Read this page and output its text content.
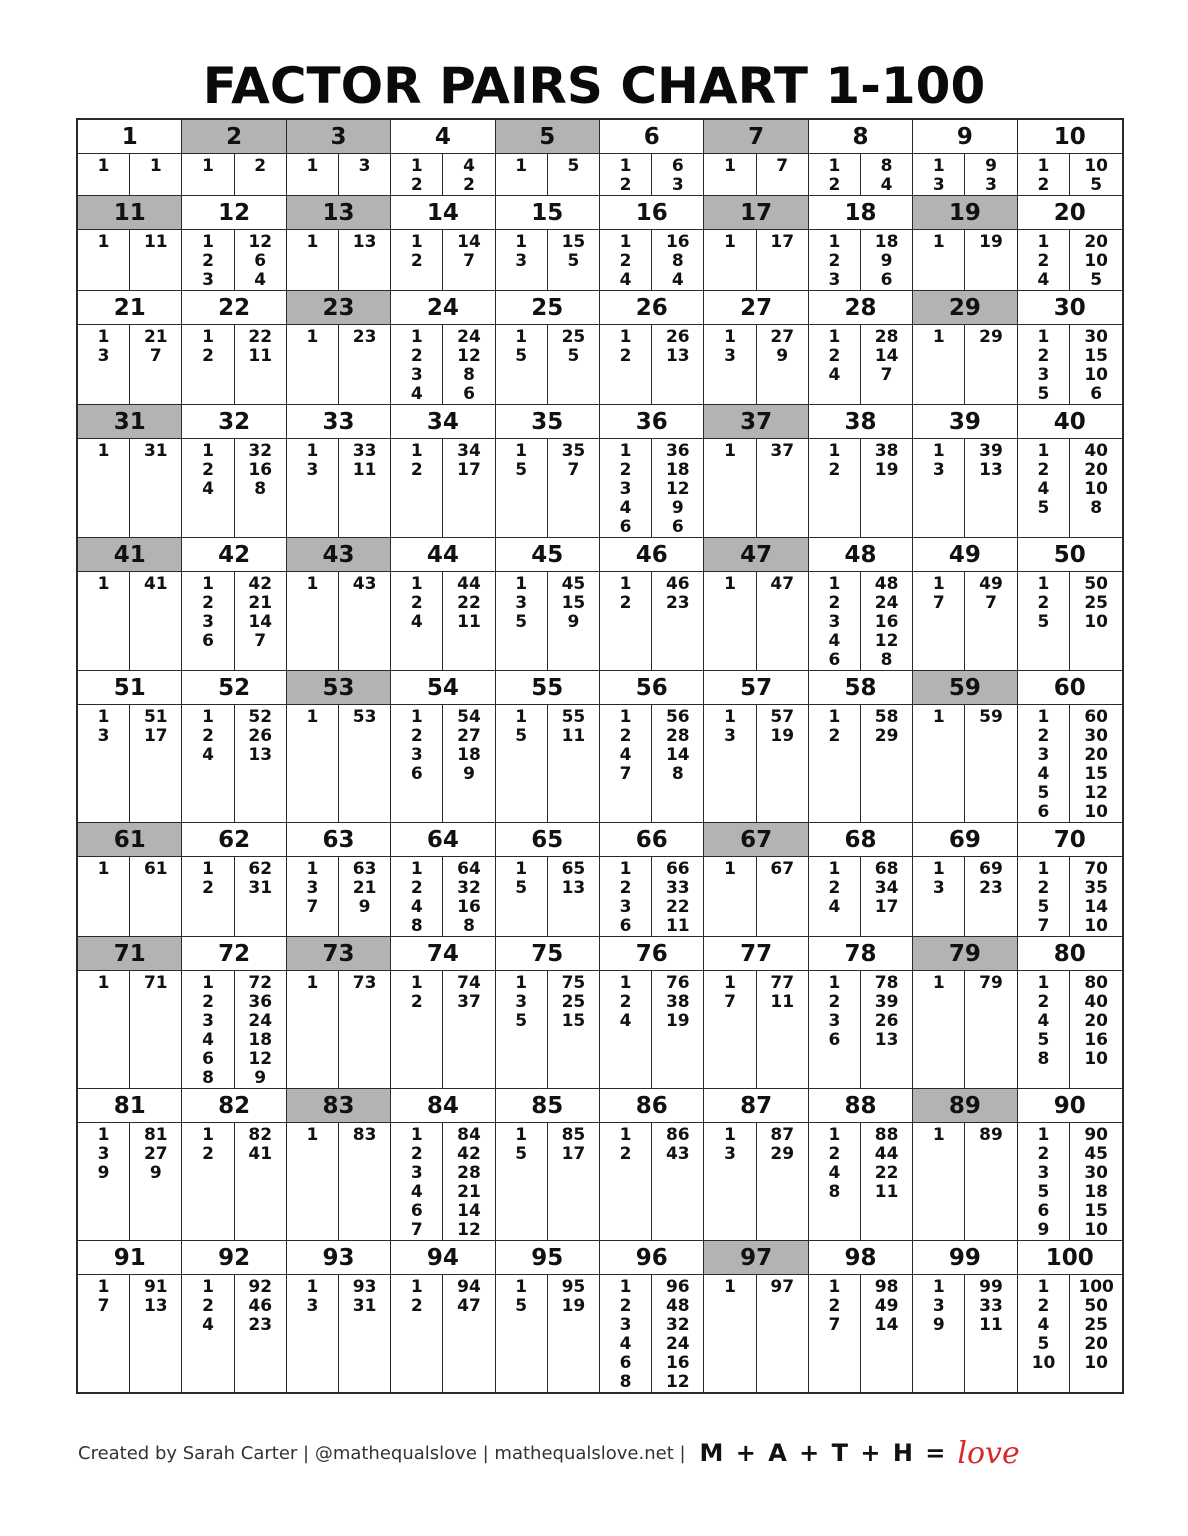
FACTOR PAIRS CHART 1-100
1
1 1
2
1 2
3
1 3
4
1
2
4
2
5
1 5
6
1
2
6
3
7
1 7
8
1
2
8
4
9
1
3
9
3
10
1
2
10
5
11
1 11
12
1
2
3
12
6
4
13
1 13
14
1
2
14
7
15
1
3
15
5
16
1
2
4
16
8
4
17
1 17
18
1
2
3
18
9
6
19
1 19
20
1
2
4
20
10
5
21
1
3
21
7
22
1
2
22
11
23
1 23
24
1
2
3
4
24
12
8
6
25
1
5
25
5
26
1
2
26
13
27
1
3
27
9
28
1
2
4
28
14
7
29
1 29
30
1
2
3
5
30
15
10
6
31
1 31
32
1
2
4
32
16
8
33
1
3
33
11
34
1
2
34
17
35
1
5
35
7
36
1
2
3
4
6
36
18
12
9
6
37
1 37
38
1
2
38
19
39
1
3
39
13
40
1
2
4
5
40
20
10
8
41
1 41
42
1
2
3
6
42
21
14
7
43
1 43
44
1
2
4
44
22
11
45
1
3
5
45
15
9
46
1
2
46
23
47
1 47
48
1
2
3
4
6
48
24
16
12
8
49
1
7
49
7
50
1
2
5
50
25
10
51
1
3
51
17
52
1
2
4
52
26
13
53
1 53
54
1
2
3
6
54
27
18
9
55
1
5
55
11
56
1
2
4
7
56
28
14
8
57
1
3
57
19
58
1
2
58
29
59
1 59
60
1
2
3
4
5
6
60
30
20
15
12
10
61
1 61
62
1
2
62
31
63
1
3
7
63
21
9
64
1
2
4
8
64
32
16
8
65
1
5
65
13
66
1
2
3
6
66
33
22
11
67
1 67
68
1
2
4
68
34
17
69
1
3
69
23
70
1
2
5
7
70
35
14
10
71
1 71
72
1
2
3
4
6
8
72
36
24
18
12
9
73
1 73
74
1
2
74
37
75
1
3
5
75
25
15
76
1
2
4
76
38
19
77
1
7
77
11
78
1
2
3
6
78
39
26
13
79
1 79
80
1
2
4
5
8
80
40
20
16
10
81
1
3
9
81
27
9
82
1
2
82
41
83
1 83
84
1
2
3
4
6
7
84
42
28
21
14
12
85
1
5
85
17
86
1
2
86
43
87
1
3
87
29
88
1
2
4
8
88
44
22
11
89
1 89
90
1
2
3
5
6
9
90
45
30
18
15
10
91
1
7
91
13
92
1
2
4
92
46
23
93
1
3
93
31
94
1
2
94
47
95
1
5
95
19
96
1
2
3
4
6
8
96
48
32
24
16
12
97
1 97
98
1
2
7
98
49
14
99
1
3
9
99
33
11
100
1
2
4
5
10
100
50
25
20
10
Created by Sarah Carter | @mathequalslove | mathequalslove.net | M + A + T + H = love
